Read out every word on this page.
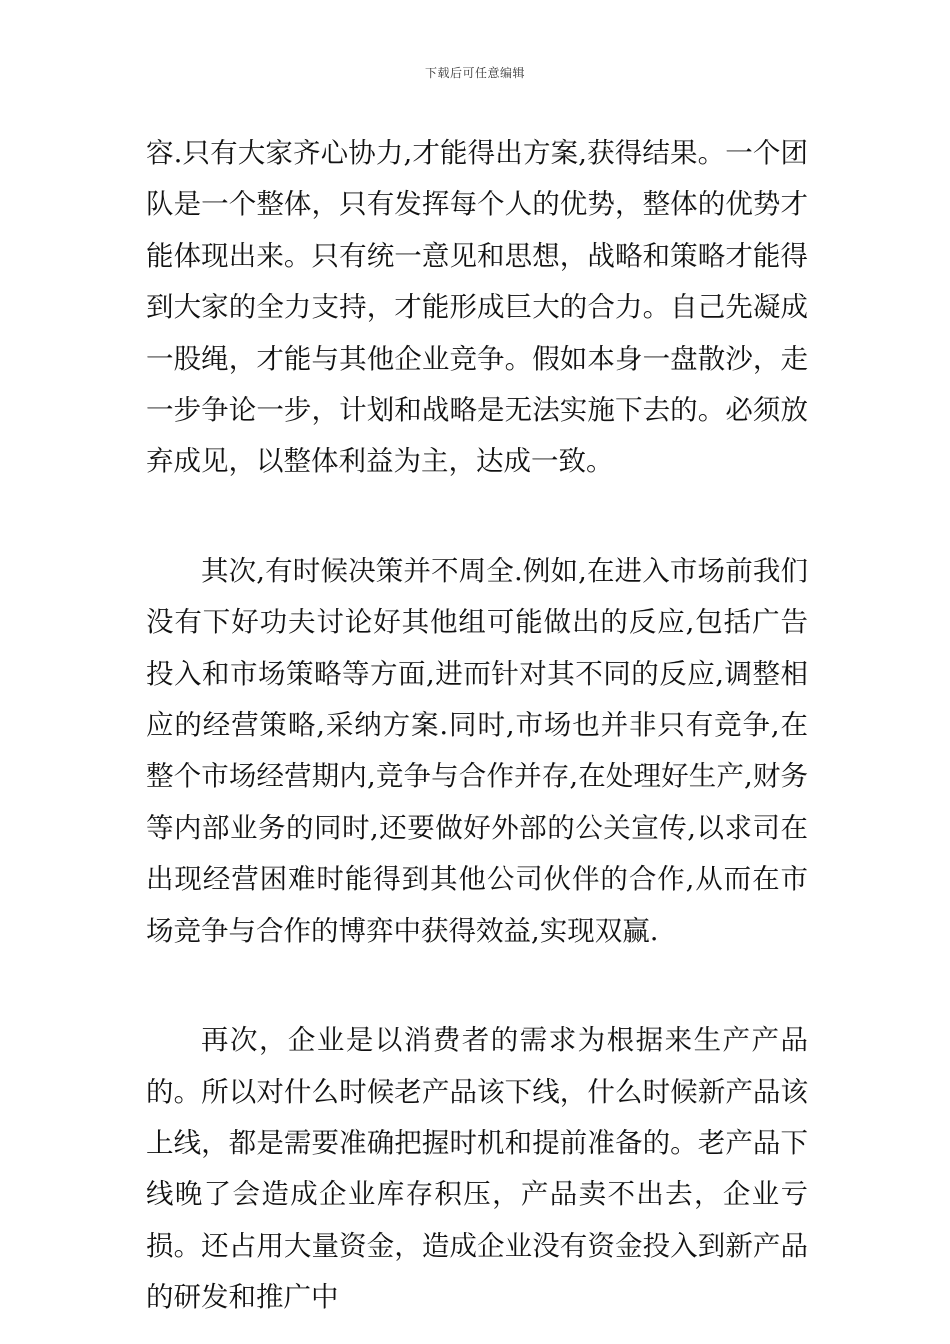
下载后可任意编辑

容.只有大家齐心协力,才能得出方案,获得结果。一个团队是一个整体，只有发挥每个人的优势，整体的优势才能体现出来。只有统一意见和思想，战略和策略才能得到大家的全力支持，才能形成巨大的合力。自己先凝成一股绳，才能与其他企业竞争。假如本身一盘散沙，走一步争论一步，计划和战略是无法实施下去的。必须放弃成见，以整体利益为主，达成一致。

其次,有时候决策并不周全.例如,在进入市场前我们没有下好功夫讨论好其他组可能做出的反应,包括广告投入和市场策略等方面,进而针对其不同的反应,调整相应的经营策略,采纳方案.同时,市场也并非只有竞争,在整个市场经营期内,竞争与合作并存,在处理好生产,财务等内部业务的同时,还要做好外部的公关宣传,以求司在出现经营困难时能得到其他公司伙伴的合作,从而在市场竞争与合作的博弈中获得效益,实现双赢.

再次，企业是以消费者的需求为根据来生产产品的。所以对什么时候老产品该下线，什么时候新产品该上线，都是需要准确把握时机和提前准备的。老产品下线晚了会造成企业库存积压，产品卖不出去，企业亏损。还占用大量资金，造成企业没有资金投入到新产品的研发和推广中
